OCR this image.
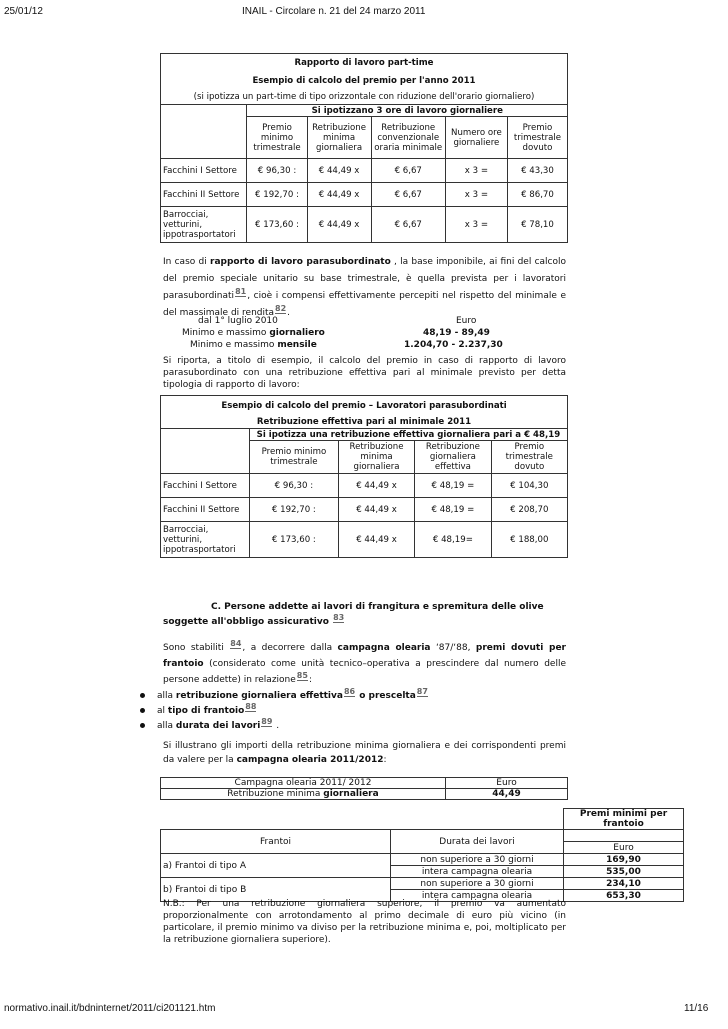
25/01/12	INAIL - Circolare n. 21 del 24 marzo 2011
normativo.inail.it/bdninternet/2011/ci201121.htm	11/16
Rapporto di lavoro part-time					
Esempio di calcolo del premio per l'anno 2011					
(si ipotizza un part-time di tipo orizzontale con riduzione dell'orario giornaliero)					
	Si ipotizzano 3 ore di lavoro giornaliere				
	Premio minimo trimestrale	Retribuzione minima giornaliera	Retribuzione convenzionale oraria minimale	Numero ore giornaliere	Premio trimestrale dovuto
Facchini I Settore	€ 96,30 :	€ 44,49 x	€ 6,67	x 3 =	€ 43,30
Facchini II Settore	€ 192,70 :	€ 44,49 x	€ 6,67	x 3 =	€ 86,70
Barrocciai, vetturini, ippotrasportatori	€ 173,60 :	€ 44,49 x	€ 6,67	x 3 =	€ 78,10
In caso di rapporto di lavoro parasubordinato , la base imponibile, ai fini del calcolo del premio speciale unitario su base trimestrale, è quella prevista per i lavoratori parasubordinati81, cioè i compensi effettivamente percepiti nel rispetto del minimale e del massimale di rendita82.
dal 1° luglio 2010	Euro
Minimo e massimo giornaliero	48,19 - 89,49
Minimo e massimo mensile	1.204,70 - 2.237,30
Si riporta, a titolo di esempio, il calcolo del premio in caso di rapporto di lavoro parasubordinato con una retribuzione effettiva pari al minimale previsto per detta tipologia di rapporto di lavoro:
Esempio di calcolo del premio – Lavoratori parasubordinati				
Retribuzione effettiva pari al minimale 2011				
	Si ipotizza una retribuzione effettiva giornaliera pari a € 48,19			
	Premio minimo trimestrale	Retribuzione minima giornaliera	Retribuzione giornaliera effettiva	Premio trimestrale dovuto
Facchini I Settore	€ 96,30 :	€ 44,49 x	€ 48,19 =	€ 104,30
Facchini II Settore	€ 192,70 :	€ 44,49 x	€ 48,19 =	€ 208,70
Barrocciai, vetturini, ippotrasportatori	€ 173,60 :	€ 44,49 x	€ 48,19=	€ 188,00
C. Persone addette ai lavori di frangitura e spremitura delle olive
soggette all'obbligo assicurativo 83
Sono stabiliti 84, a decorrere dalla campagna olearia ‘87/‘88, premi dovuti per frantoio (considerato come unità tecnico–operativa a prescindere dal numero delle persone addette) in relazione85:
alla retribuzione giornaliera effettiva86 o prescelta87
al tipo di frantoio88
alla durata dei lavori89 .
Si illustrano gli importi della retribuzione minima giornaliera e dei corrispondenti premi da valere per la campagna olearia 2011/2012:
Campagna olearia 2011/ 2012	Euro
Retribuzione minima giornaliera	44,49
		Premi minimi per frantoio
Frantoi	Durata dei lavori	
		Euro
a) Frantoi di tipo A	non superiore a 30 giorni	169,90
	intera campagna olearia	535,00
b) Frantoi di tipo B	non superiore a 30 giorni	234,10
	intera campagna olearia	653,30
N.B.: Per una retribuzione giornaliera superiore, il premio va aumentato proporzionalmente con arrotondamento al primo decimale di euro più vicino (in particolare, il premio minimo va diviso per la retribuzione minima e, poi, moltiplicato per la retribuzione giornaliera superiore).
